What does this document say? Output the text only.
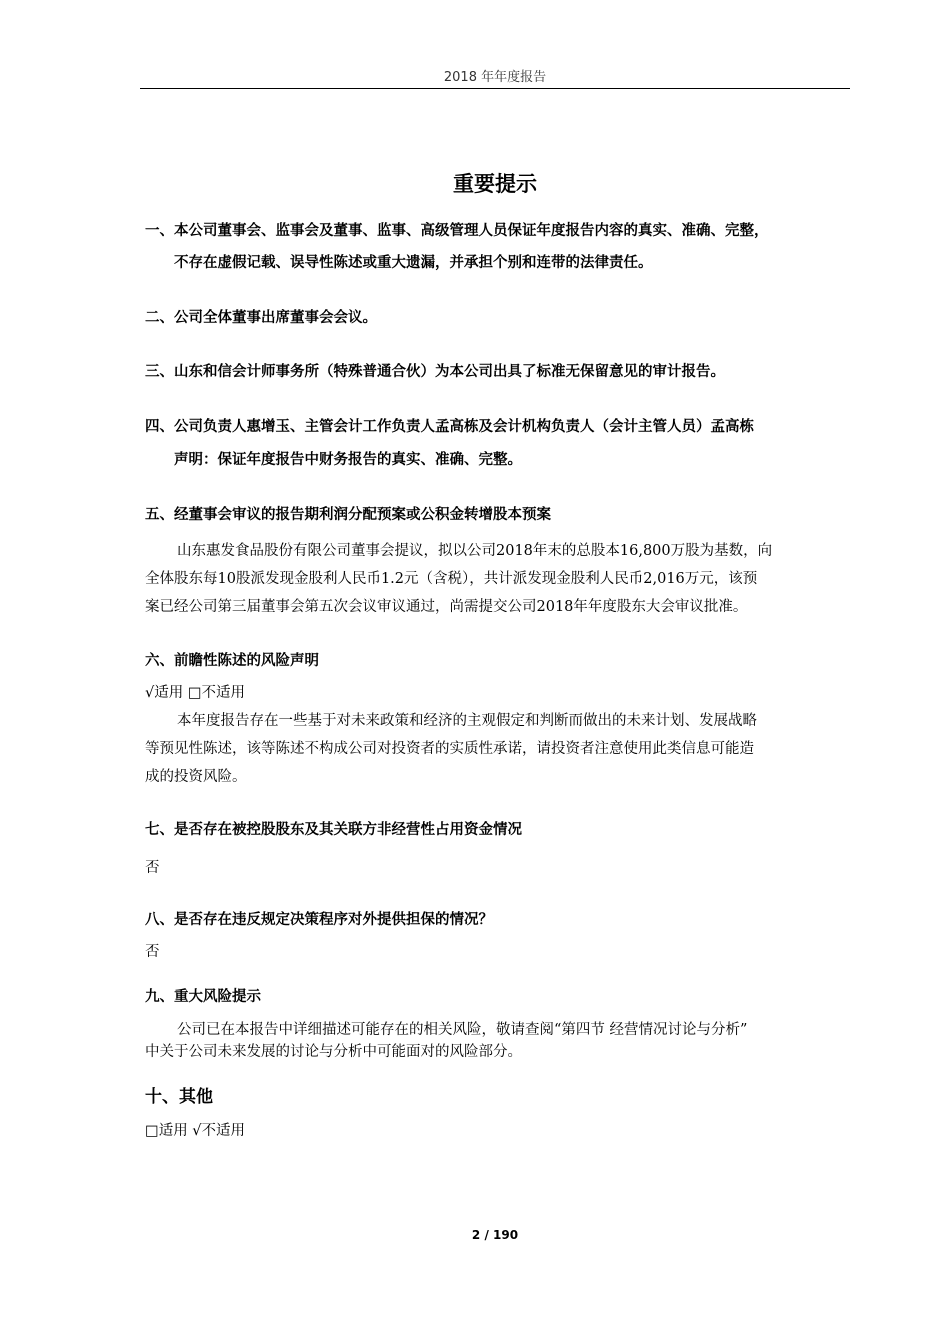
2018 年年度报告
重要提示
一、本公司董事会、监事会及董事、监事、高级管理人员保证年度报告内容的真实、准确、完整，
不存在虚假记载、误导性陈述或重大遗漏，并承担个别和连带的法律责任。
二、公司全体董事出席董事会会议。
三、山东和信会计师事务所（特殊普通合伙）为本公司出具了标准无保留意见的审计报告。
四、公司负责人惠增玉、主管会计工作负责人孟高栋及会计机构负责人（会计主管人员）孟高栋
声明：保证年度报告中财务报告的真实、准确、完整。
五、经董事会审议的报告期利润分配预案或公积金转增股本预案
山东惠发食品股份有限公司董事会提议，拟以公司2018年末的总股本16,800万股为基数，向
全体股东每10股派发现金股利人民币1.2元（含税），共计派发现金股利人民币2,016万元，该预
案已经公司第三届董事会第五次会议审议通过，尚需提交公司2018年年度股东大会审议批准。
六、前瞻性陈述的风险声明
√适用 □不适用
本年度报告存在一些基于对未来政策和经济的主观假定和判断而做出的未来计划、发展战略
等预见性陈述，该等陈述不构成公司对投资者的实质性承诺，请投资者注意使用此类信息可能造
成的投资风险。
七、是否存在被控股股东及其关联方非经营性占用资金情况
否
八、是否存在违反规定决策程序对外提供担保的情况？
否
九、重大风险提示
公司已在本报告中详细描述可能存在的相关风险，敬请查阅“第四节 经营情况讨论与分析”
中关于公司未来发展的讨论与分析中可能面对的风险部分。
十、其他
□适用 √不适用
2 / 190
